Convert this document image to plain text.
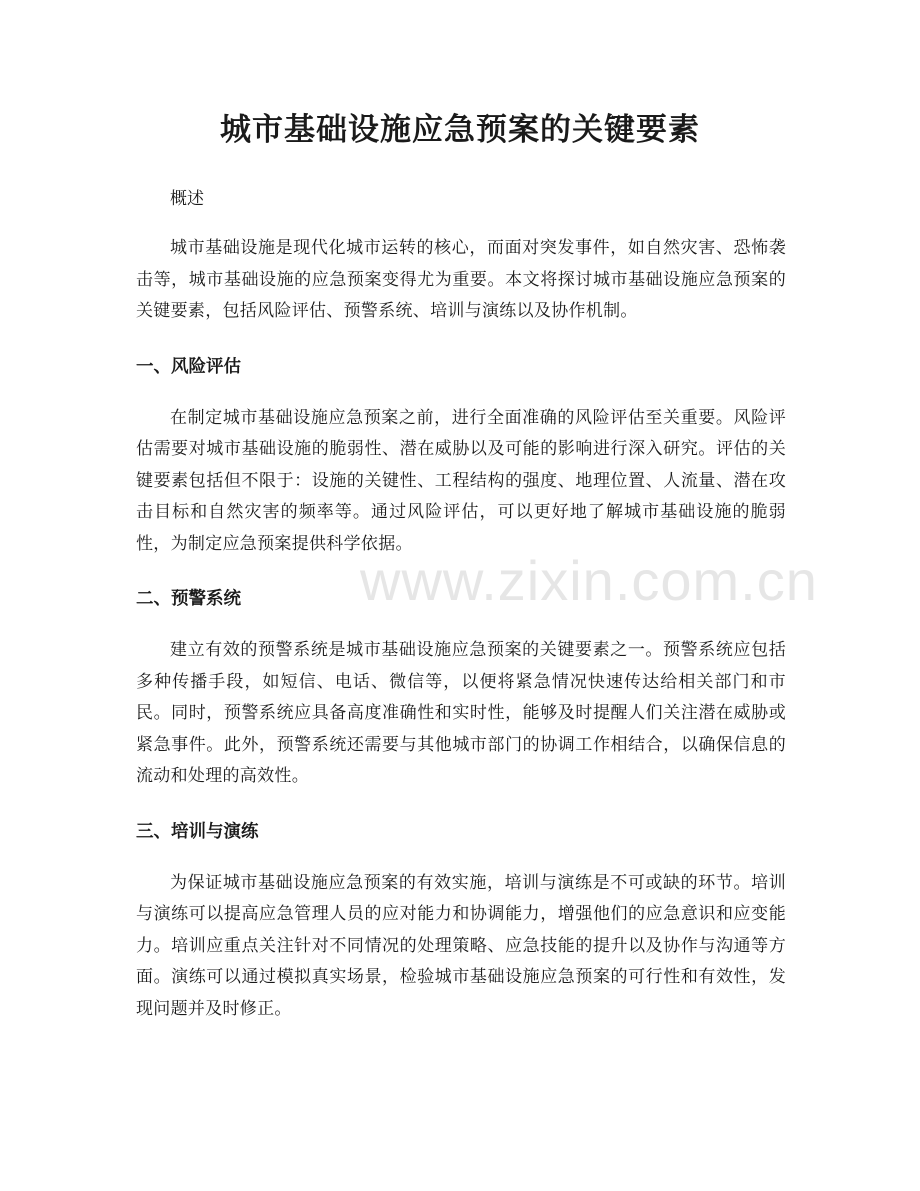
城市基础设施应急预案的关键要素

概述

城市基础设施是现代化城市运转的核心，而面对突发事件，如自然灾害、恐怖袭击等，城市基础设施的应急预案变得尤为重要。本文将探讨城市基础设施应急预案的关键要素，包括风险评估、预警系统、培训与演练以及协作机制。

一、风险评估

在制定城市基础设施应急预案之前，进行全面准确的风险评估至关重要。风险评估需要对城市基础设施的脆弱性、潜在威胁以及可能的影响进行深入研究。评估的关键要素包括但不限于：设施的关键性、工程结构的强度、地理位置、人流量、潜在攻击目标和自然灾害的频率等。通过风险评估，可以更好地了解城市基础设施的脆弱性，为制定应急预案提供科学依据。

二、预警系统

建立有效的预警系统是城市基础设施应急预案的关键要素之一。预警系统应包括多种传播手段，如短信、电话、微信等，以便将紧急情况快速传达给相关部门和市民。同时，预警系统应具备高度准确性和实时性，能够及时提醒人们关注潜在威胁或紧急事件。此外，预警系统还需要与其他城市部门的协调工作相结合，以确保信息的流动和处理的高效性。

三、培训与演练

为保证城市基础设施应急预案的有效实施，培训与演练是不可或缺的环节。培训与演练可以提高应急管理人员的应对能力和协调能力，增强他们的应急意识和应变能力。培训应重点关注针对不同情况的处理策略、应急技能的提升以及协作与沟通等方面。演练可以通过模拟真实场景，检验城市基础设施应急预案的可行性和有效性，发现问题并及时修正。

www.zixin.com.cn
